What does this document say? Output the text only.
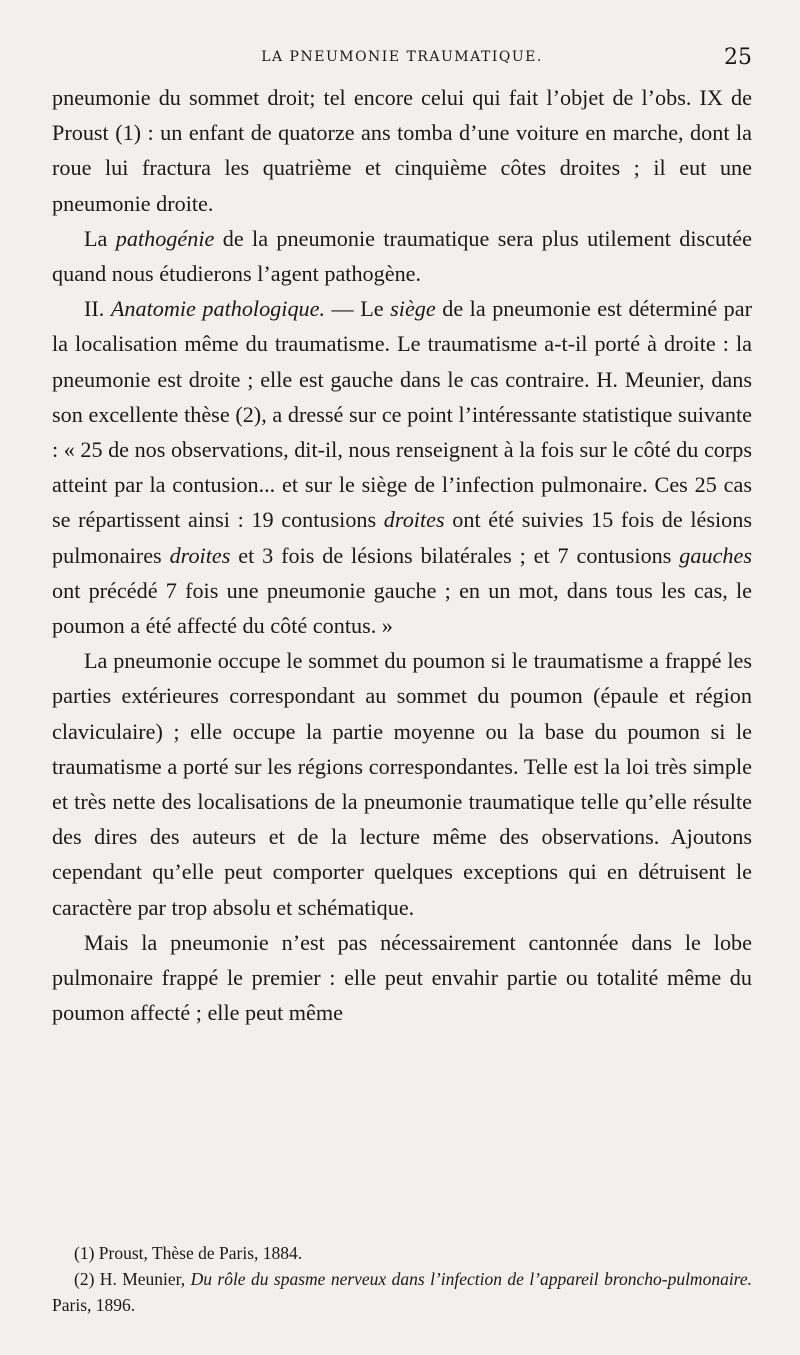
LA PNEUMONIE TRAUMATIQUE.	25

pneumonie du sommet droit; tel encore celui qui fait l’objet de l’obs. IX de Proust (1) : un enfant de quatorze ans tomba d’une voiture en marche, dont la roue lui fractura les quatrième et cinquième côtes droites ; il eut une pneumonie droite.

La pathogénie de la pneumonie traumatique sera plus utilement discutée quand nous étudierons l’agent pathogène.

II. Anatomie pathologique. — Le siège de la pneumonie est déterminé par la localisation même du traumatisme. Le traumatisme a-t-il porté à droite : la pneumonie est droite ; elle est gauche dans le cas contraire. H. Meunier, dans son excellente thèse (2), a dressé sur ce point l’intéressante statistique suivante : « 25 de nos observations, dit-il, nous renseignent à la fois sur le côté du corps atteint par la contusion... et sur le siège de l’infection pulmonaire. Ces 25 cas se répartissent ainsi : 19 contusions droites ont été suivies 15 fois de lésions pulmonaires droites et 3 fois de lésions bilatérales ; et 7 contusions gauches ont précédé 7 fois une pneumonie gauche ; en un mot, dans tous les cas, le poumon a été affecté du côté contus. »

La pneumonie occupe le sommet du poumon si le traumatisme a frappé les parties extérieures correspondant au sommet du poumon (épaule et région claviculaire) ; elle occupe la partie moyenne ou la base du poumon si le traumatisme a porté sur les régions correspondantes. Telle est la loi très simple et très nette des localisations de la pneumonie traumatique telle qu’elle résulte des dires des auteurs et de la lecture même des observations. Ajoutons cependant qu’elle peut comporter quelques exceptions qui en détruisent le caractère par trop absolu et schématique.

Mais la pneumonie n’est pas nécessairement cantonnée dans le lobe pulmonaire frappé le premier : elle peut envahir partie ou totalité même du poumon affecté ; elle peut même

(1) Proust, Thèse de Paris, 1884.

(2) H. Meunier, Du rôle du spasme nerveux dans l’infection de l’appareil broncho-pulmonaire. Paris, 1896.
